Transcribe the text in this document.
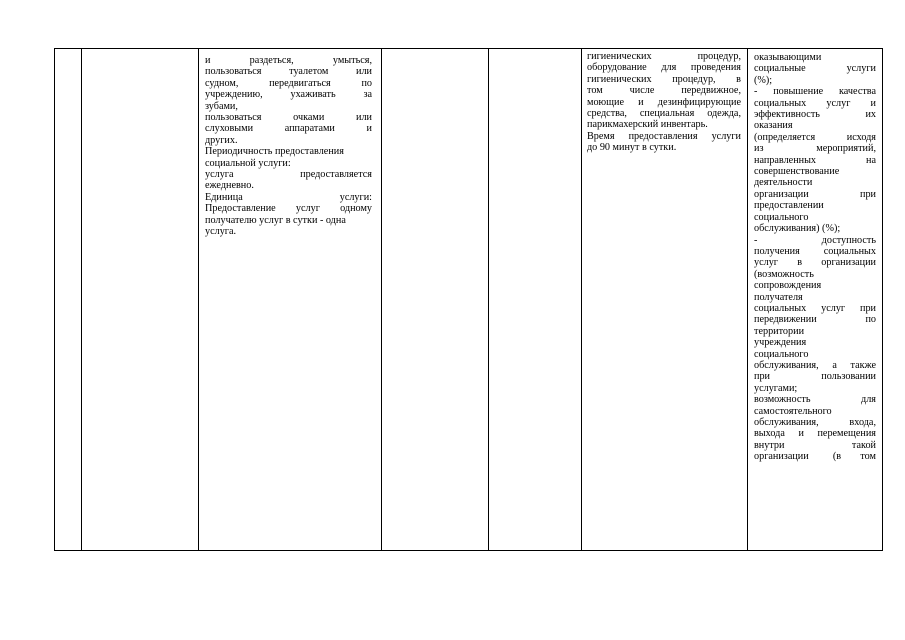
и        раздеться,        умыться,
пользоваться   туалетом   или
судном,    передвигаться    по
учреждению,   ухаживать   за
зубами,
пользоваться    очками    или
слуховыми     аппаратами     и
других.
Периодичность предоставления
социальной услуги:
услуга          предоставляется
ежедневно.
Единица                   услуги:
Предоставление  услуг  одному
получателю услуг в сутки - одна
услуга.
гигиенических           процедур,
оборудование для проведения
гигиенических    процедур,    в
том      числе      передвижное,
моющие и дезинфицирующие
средства, специальная одежда,
парикмахерский инвентарь.
Время  предоставления  услуги
до 90 минут в сутки.
оказывающими
социальные       услуги
(%);
- повышение качества
социальных   услуг   и
эффективность       их
оказания
(определяется   исходя
из        мероприятий,
направленных         на
совершенствование
деятельности
организации         при
предоставлении
социального
обслуживания) (%);
-                 доступность
получения социальных
услуг   в   организации
(возможность
сопровождения
получателя
социальных услуг при
передвижении         по
территории
учреждения
социального
обслуживания, а также
при          пользовании
услугами;
возможность           для
самостоятельного
обслуживания,  входа,
выхода и перемещения
внутри            такой
организации     (в    том
